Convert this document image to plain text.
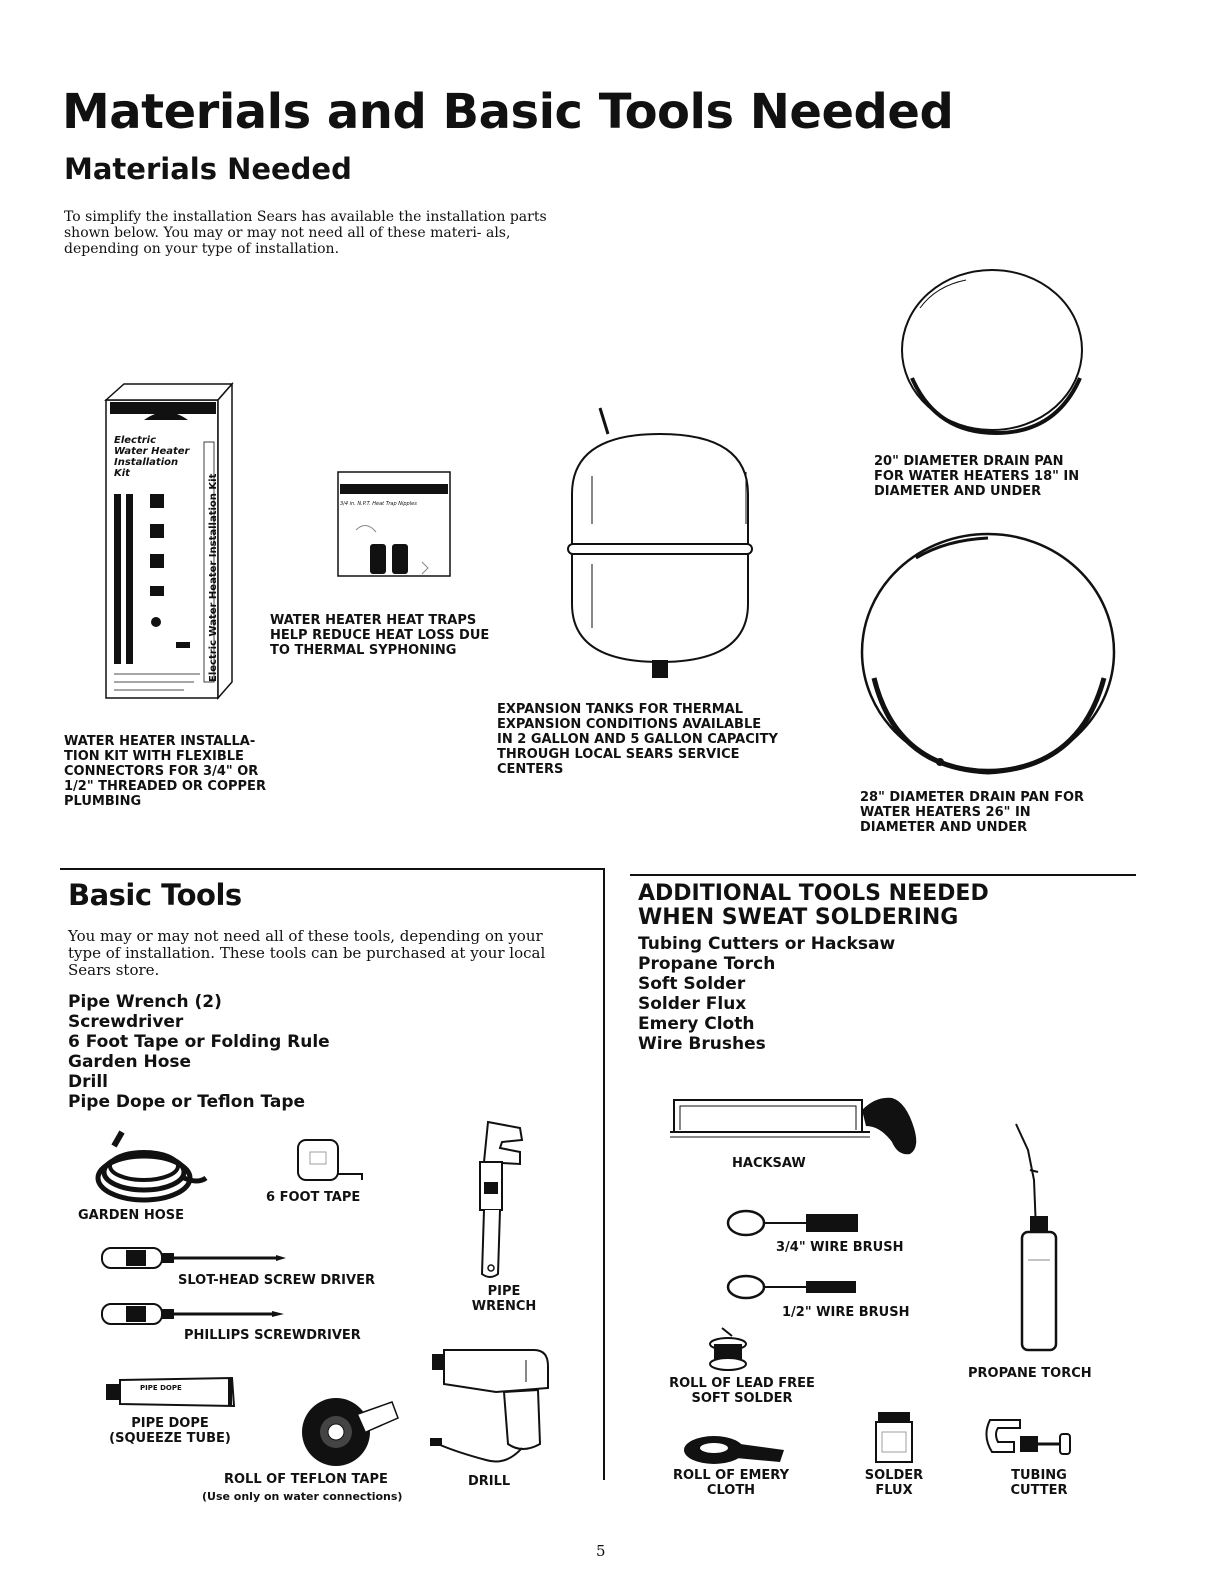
Materials and Basic Tools Needed
Materials Needed
To simplify the installation Sears has available the installation parts shown below. You may or may not need all of these materi- als, depending on your type of installation.
Electric
Water Heater
Installation
Kit
Electric Water Heater Installation Kit
WATER HEATER INSTALLA-
TION KIT WITH FLEXIBLE
CONNECTORS FOR 3/4" OR
1/2" THREADED OR COPPER
PLUMBING
3/4 in. N.P.T. Heat Trap Nipples
WATER HEATER HEAT TRAPS
HELP REDUCE HEAT LOSS DUE
TO THERMAL SYPHONING
EXPANSION TANKS FOR THERMAL
EXPANSION CONDITIONS AVAILABLE
IN 2 GALLON AND 5 GALLON CAPACITY
THROUGH LOCAL SEARS SERVICE
CENTERS
20" DIAMETER DRAIN PAN
FOR WATER HEATERS 18" IN
DIAMETER AND UNDER
28" DIAMETER DRAIN PAN FOR
WATER HEATERS 26" IN
DIAMETER AND UNDER
Basic Tools
You may or may not need all of these tools, depending on your type of installation. These tools can be purchased at your local Sears store.
Pipe Wrench (2)
Screwdriver
6 Foot Tape or Folding Rule
Garden Hose
Drill
Pipe Dope or Teflon Tape
GARDEN HOSE
6 FOOT TAPE
PIPE
WRENCH
SLOT-HEAD SCREW DRIVER
PHILLIPS SCREWDRIVER
PIPE DOPE
PIPE DOPE
(SQUEEZE TUBE)
ROLL OF TEFLON TAPE
(Use only on water connections)
DRILL
ADDITIONAL TOOLS NEEDED
WHEN SWEAT SOLDERING
Tubing Cutters or Hacksaw
Propane Torch
Soft Solder
Solder Flux
Emery Cloth
Wire Brushes
HACKSAW
3/4" WIRE BRUSH
1/2" WIRE BRUSH
ROLL OF LEAD FREE
SOFT SOLDER
PROPANE TORCH
ROLL OF EMERY
CLOTH
SOLDER
FLUX
TUBING
CUTTER
5
